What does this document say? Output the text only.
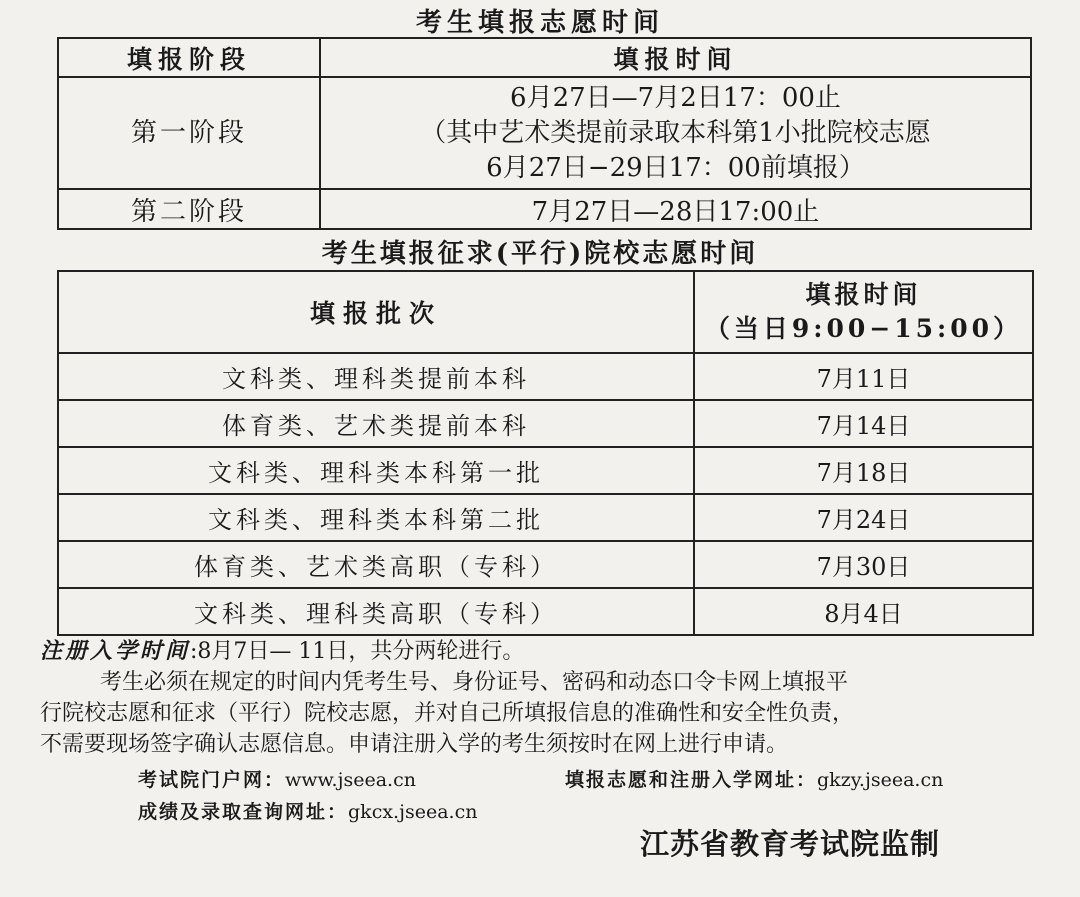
考生填报志愿时间
填报阶段	填报时间
第一阶段	6月27日—7月2日17：00止
（其中艺术类提前录取本科第1小批院校志愿
6月27日−29日17：00前填报）

第二阶段	7月27日—28日17:00止
考生填报征求(平行)院校志愿时间
填报批次	填报时间
（当日9:00−15:00）

文科类、理科类提前本科	7月11日
体育类、艺术类提前本科	7月14日
文科类、理科类本科第一批	7月18日
文科类、理科类本科第二批	7月24日
体育类、艺术类高职（专科）	7月30日
文科类、理科类高职（专科）	8月4日

注册入学时间:8月7日— 11日，共分两轮进行。

考生必须在规定的时间内凭考生号、身份证号、密码和动态口令卡网上填报平

行院校志愿和征求（平行）院校志愿，并对自己所填报信息的准确性和安全性负责，

不需要现场签字确认志愿信息。申请注册入学的考生须按时在网上进行申请。

考试院门户网：www.jseea.cn	填报志愿和注册入学网址：gkzy.jseea.cn
成绩及录取查询网址：gkcx.jseea.cn
江苏省教育考试院监制
